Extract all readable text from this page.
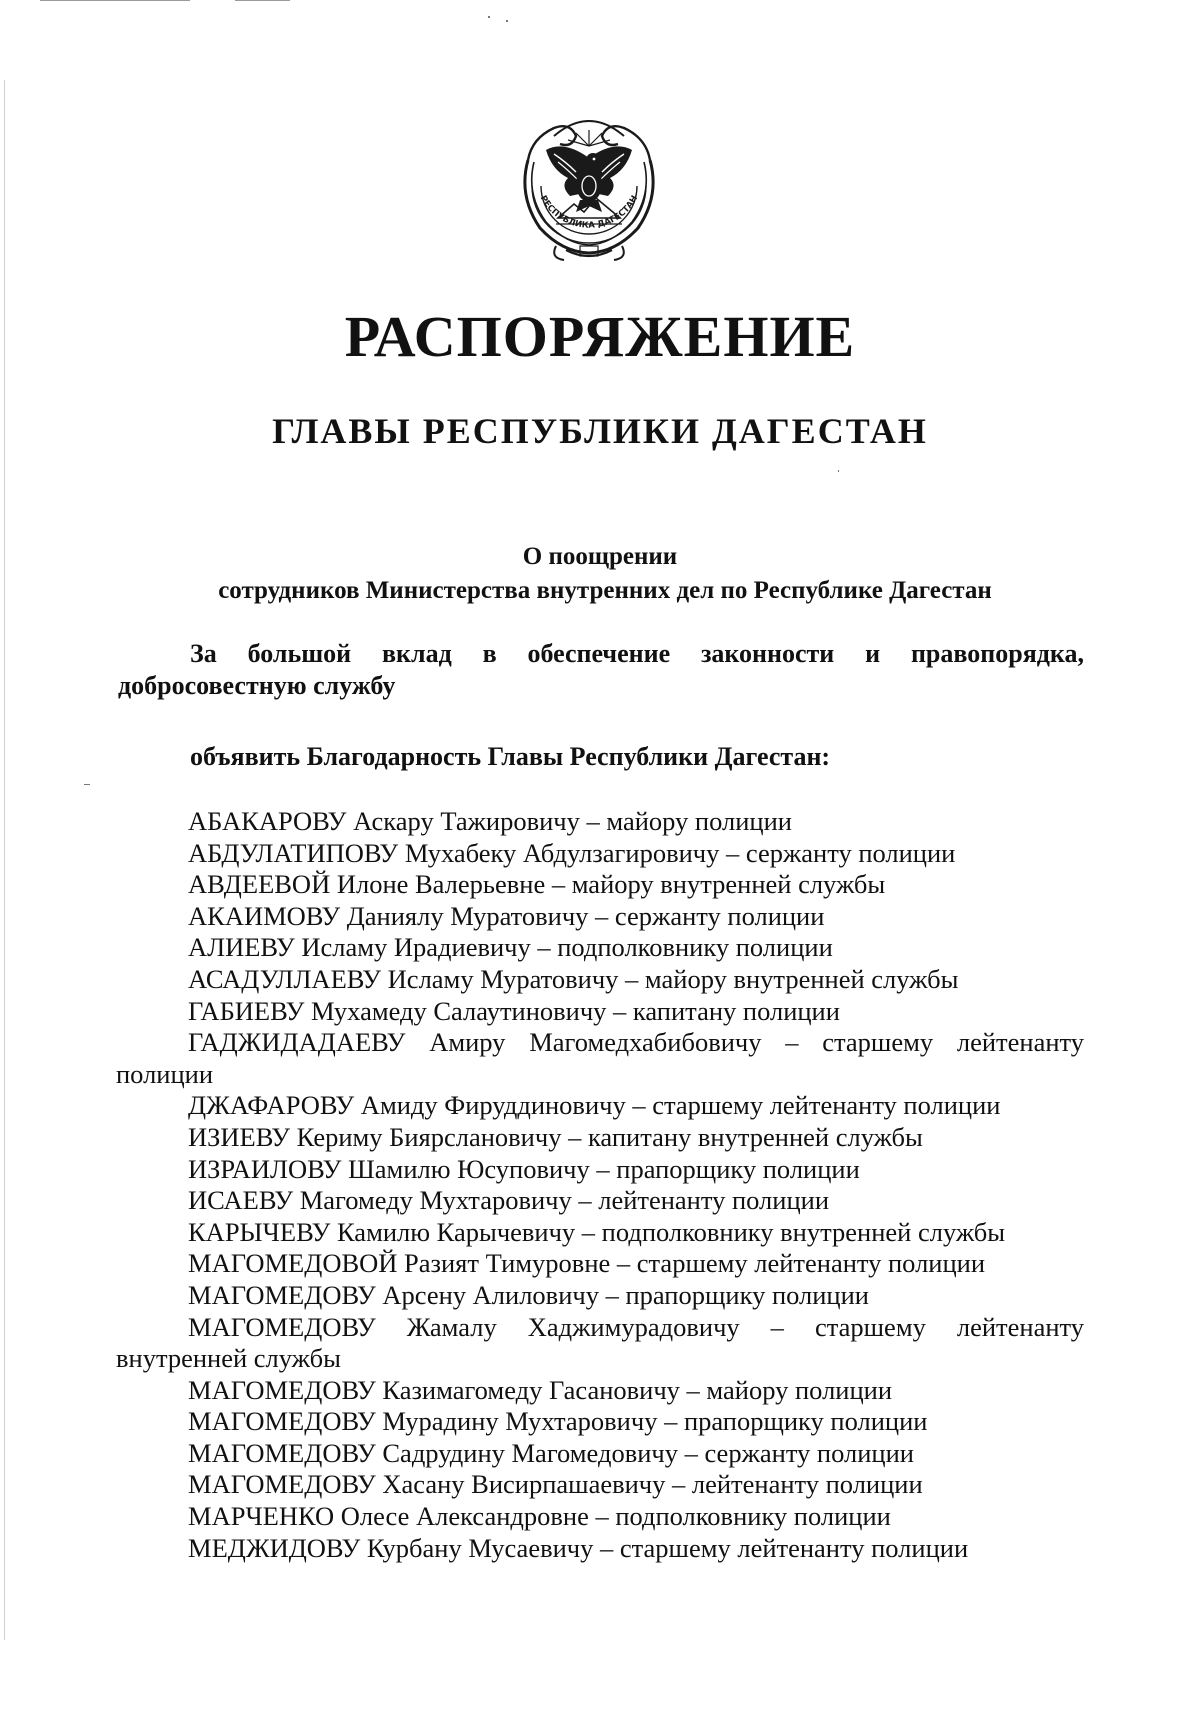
РЕСПУБЛИКА ДАГЕСТАН
РАСПОРЯЖЕНИЕ
ГЛАВЫ РЕСПУБЛИКИ ДАГЕСТАН
О поощрении
сотрудников Министерства внутренних дел по Республике Дагестан
За большой вклад в обеспечение законности и правопорядка,
добросовестную службу
объявить Благодарность Главы Республики Дагестан:
АБАКАРОВУ Аскару Тажировичу – майору полиции
АБДУЛАТИПОВУ Мухабеку Абдулзагировичу – сержанту полиции
АВДЕЕВОЙ Илоне Валерьевне – майору внутренней службы
АКАИМОВУ Даниялу Муратовичу – сержанту полиции
АЛИЕВУ Исламу Ирадиевичу – подполковнику полиции
АСАДУЛЛАЕВУ Исламу Муратовичу – майору внутренней службы
ГАБИЕВУ Мухамеду Салаутиновичу – капитану полиции
ГАДЖИДАДАЕВУ Амиру Магомедхабибовичу – старшему лейтенанту полиции
ДЖАФАРОВУ Амиду Фируддиновичу – старшему лейтенанту полиции
ИЗИЕВУ Кериму Биярслановичу – капитану внутренней службы
ИЗРАИЛОВУ Шамилю Юсуповичу – прапорщику полиции
ИСАЕВУ Магомеду Мухтаровичу – лейтенанту полиции
КАРЫЧЕВУ Камилю Карычевичу – подполковнику внутренней службы
МАГОМЕДОВОЙ Разият Тимуровне – старшему лейтенанту полиции
МАГОМЕДОВУ Арсену Алиловичу – прапорщику полиции
МАГОМЕДОВУ Жамалу Хаджимурадовичу – старшему лейтенанту внутренней службы
МАГОМЕДОВУ Казимагомеду Гасановичу – майору полиции
МАГОМЕДОВУ Мурадину Мухтаровичу – прапорщику полиции
МАГОМЕДОВУ Садрудину Магомедовичу – сержанту полиции
МАГОМЕДОВУ Хасану Висирпашаевичу – лейтенанту полиции
МАРЧЕНКО Олесе Александровне – подполковнику полиции
МЕДЖИДОВУ Курбану Мусаевичу – старшему лейтенанту полиции
